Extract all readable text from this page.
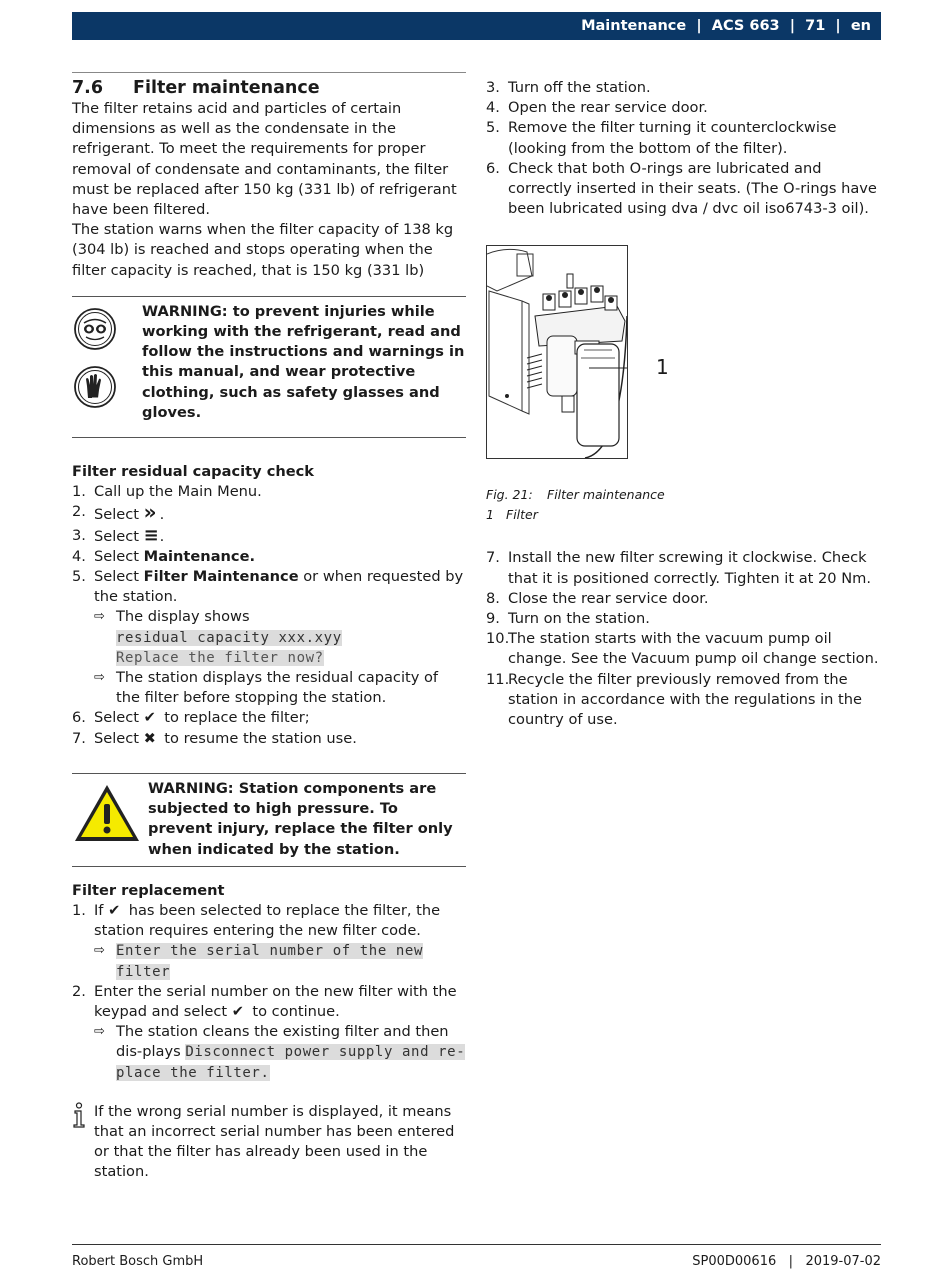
Maintenance | ACS 663 | 71 | en
7.6 Filter maintenance

The filter retains acid and particles of certain dimensions as well as the condensate in the refrigerant. To meet the requirements for proper removal of condensate and contaminants, the filter must be replaced after 150 kg (331 lb) of refrigerant have been filtered.

The station warns when the filter capacity of 138 kg (304 lb) is reached and stops operating when the filter capacity is reached, that is 150 kg (331 lb)

WARNING: to prevent injuries while working with the refrigerant, read and follow the instructions and warnings in this manual, and wear protective clothing, such as safety glasses and gloves.
Filter residual capacity check
1. Call up the Main Menu.
2. Select » .
3. Select ≡.
4. Select Maintenance.
5. Select Filter Maintenance or when requested by the station.
⇨ The display shows
residual capacity xxx.xyy
Replace the filter now?
⇨ The station displays the residual capacity of the filter before stopping the station.
6. Select ✔ to replace the filter;
7. Select ✖ to resume the station use.
WARNING: Station components are subjected to high pressure. To prevent injury, replace the filter only when indicated by the station.
Filter replacement
1. If ✔ has been selected to replace the filter, the station requires entering the new filter code.
⇨ Enter the serial number of the new
filter
2. Enter the serial number on the new filter with the keypad and select ✔ to continue.
⇨ The station cleans the existing filter and then dis-plays Disconnect power supply and re-
place the filter.
If the wrong serial number is displayed, it means that an incorrect serial number has been entered or that the filter has already been used in the station.
3. Turn off the station.
4. Open the rear service door.
5. Remove the filter turning it counterclockwise (looking from the bottom of the filter).
6. Check that both O-rings are lubricated and correctly inserted in their seats. (The O-rings have been lubricated using dva / dvc oil iso6743-3 oil).
1
Fig. 21: Filter maintenance
1 Filter
7. Install the new filter screwing it clockwise. Check that it is positioned correctly. Tighten it at 20 Nm.
8. Close the rear service door.
9. Turn on the station.
10.
The station starts with the vacuum pump oil change. See the Vacuum pump oil change section.
11.
Recycle the filter previously removed from the station in accordance with the regulations in the country of use.
Robert Bosch GmbH	SP00D00616   |   2019-07-02
